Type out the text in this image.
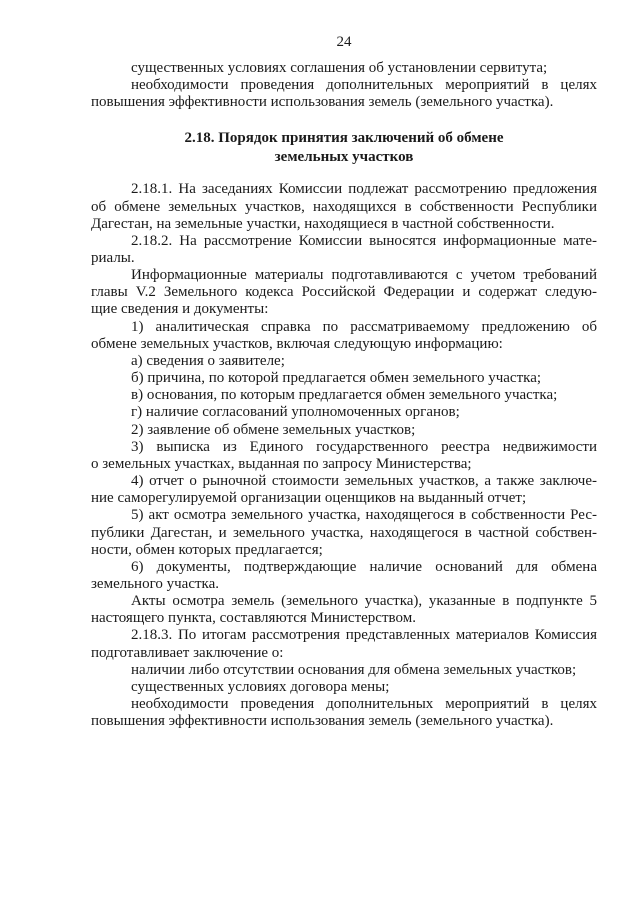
24
существенных условиях соглашения об установлении сервитута;
необходимости проведения дополнительных мероприятий в целях
повышения эффективности использования земель (земельного участка).
2.18. Порядок принятия заключений об обмене
земельных участков
2.18.1. На заседаниях Комиссии подлежат рассмотрению предложения
об обмене земельных участков, находящихся в собственности Республики
Дагестан, на земельные участки, находящиеся в частной собственности.
2.18.2. На рассмотрение Комиссии выносятся информационные мате-
риалы.
Информационные материалы подготавливаются с учетом требований
главы V.2 Земельного кодекса Российской Федерации и содержат следую-
щие сведения и документы:
1) аналитическая справка по рассматриваемому предложению об
обмене земельных участков, включая следующую информацию:
а) сведения о заявителе;
б) причина, по которой предлагается обмен земельного участка;
в) основания, по которым предлагается обмен земельного участка;
г) наличие согласований уполномоченных органов;
2) заявление об обмене земельных участков;
3) выписка из Единого государственного реестра недвижимости
о земельных участках, выданная по запросу Министерства;
4) отчет о рыночной стоимости земельных участков, а также заключе-
ние саморегулируемой организации оценщиков на выданный отчет;
5) акт осмотра земельного участка, находящегося в собственности Рес-
публики Дагестан, и земельного участка, находящегося в частной собствен-
ности, обмен которых предлагается;
6) документы, подтверждающие наличие оснований для обмена
земельного участка.
Акты осмотра земель (земельного участка), указанные в подпункте 5
настоящего пункта, составляются Министерством.
2.18.3. По итогам рассмотрения представленных материалов Комиссия
подготавливает заключение о:
наличии либо отсутствии основания для обмена земельных участков;
существенных условиях договора мены;
необходимости проведения дополнительных мероприятий в целях
повышения эффективности использования земель (земельного участка).
